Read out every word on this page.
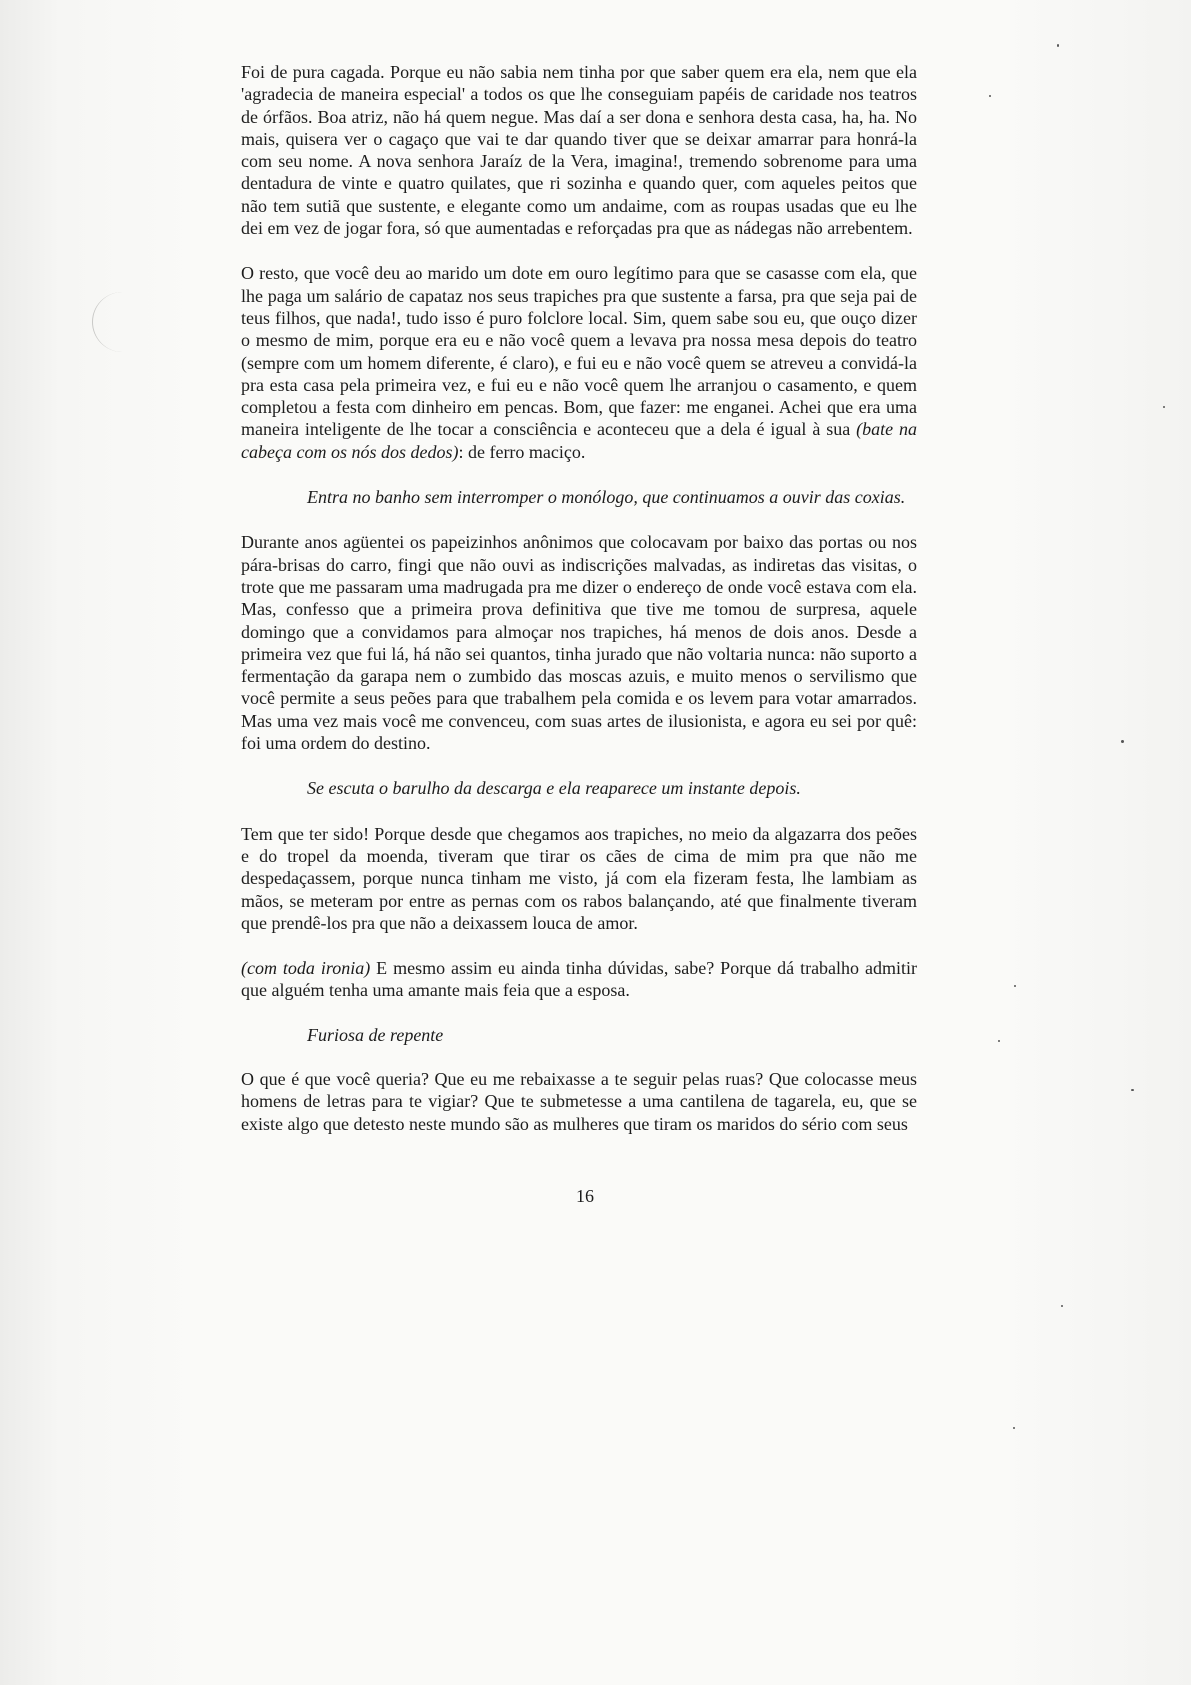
Foi de pura cagada. Porque eu não sabia nem tinha por que saber quem era ela, nem que ela 'agradecia de maneira especial' a todos os que lhe conseguiam papéis de caridade nos teatros de órfãos. Boa atriz, não há quem negue. Mas daí a ser dona e senhora desta casa, ha, ha. No mais, quisera ver o cagaço que vai te dar quando tiver que se deixar amarrar para honrá-la com seu nome. A nova senhora Jaraíz de la Vera, imagina!, tremendo sobrenome para uma dentadura de vinte e quatro quilates, que ri sozinha e quando quer, com aqueles peitos que não tem sutiã que sustente, e elegante como um andaime, com as roupas usadas que eu lhe dei em vez de jogar fora, só que aumentadas e reforçadas pra que as nádegas não arrebentem.

O resto, que você deu ao marido um dote em ouro legítimo para que se casasse com ela, que lhe paga um salário de capataz nos seus trapiches pra que sustente a farsa, pra que seja pai de teus filhos, que nada!, tudo isso é puro folclore local. Sim, quem sabe sou eu, que ouço dizer o mesmo de mim, porque era eu e não você quem a levava pra nossa mesa depois do teatro (sempre com um homem diferente, é claro), e fui eu e não você quem se atreveu a convidá-la pra esta casa pela primeira vez, e fui eu e não você quem lhe arranjou o casamento, e quem completou a festa com dinheiro em pencas. Bom, que fazer: me enganei. Achei que era uma maneira inteligente de lhe tocar a consciência e aconteceu que a dela é igual à sua (bate na cabeça com os nós dos dedos): de ferro maciço.

Entra no banho sem interromper o monólogo, que continuamos a ouvir das coxias.

Durante anos agüentei os papeizinhos anônimos que colocavam por baixo das portas ou nos pára-brisas do carro, fingi que não ouvi as indiscrições malvadas, as indiretas das visitas, o trote que me passaram uma madrugada pra me dizer o endereço de onde você estava com ela. Mas, confesso que a primeira prova definitiva que tive me tomou de surpresa, aquele domingo que a convidamos para almoçar nos trapiches, há menos de dois anos. Desde a primeira vez que fui lá, há não sei quantos, tinha jurado que não voltaria nunca: não suporto a fermentação da garapa nem o zumbido das moscas azuis, e muito menos o servilismo que você permite a seus peões para que trabalhem pela comida e os levem para votar amarrados. Mas uma vez mais você me convenceu, com suas artes de ilusionista, e agora eu sei por quê: foi uma ordem do destino.

Se escuta o barulho da descarga e ela reaparece um instante depois.

Tem que ter sido! Porque desde que chegamos aos trapiches, no meio da algazarra dos peões e do tropel da moenda, tiveram que tirar os cães de cima de mim pra que não me despedaçassem, porque nunca tinham me visto, já com ela fizeram festa, lhe lambiam as mãos, se meteram por entre as pernas com os rabos balançando, até que finalmente tiveram que prendê-los pra que não a deixassem louca de amor.

(com toda ironia) E mesmo assim eu ainda tinha dúvidas, sabe? Porque dá trabalho admitir que alguém tenha uma amante mais feia que a esposa.

Furiosa de repente

O que é que você queria? Que eu me rebaixasse a te seguir pelas ruas? Que colocasse meus homens de letras para te vigiar? Que te submetesse a uma cantilena de tagarela, eu, que se existe algo que detesto neste mundo são as mulheres que tiram os maridos do sério com seus

16
